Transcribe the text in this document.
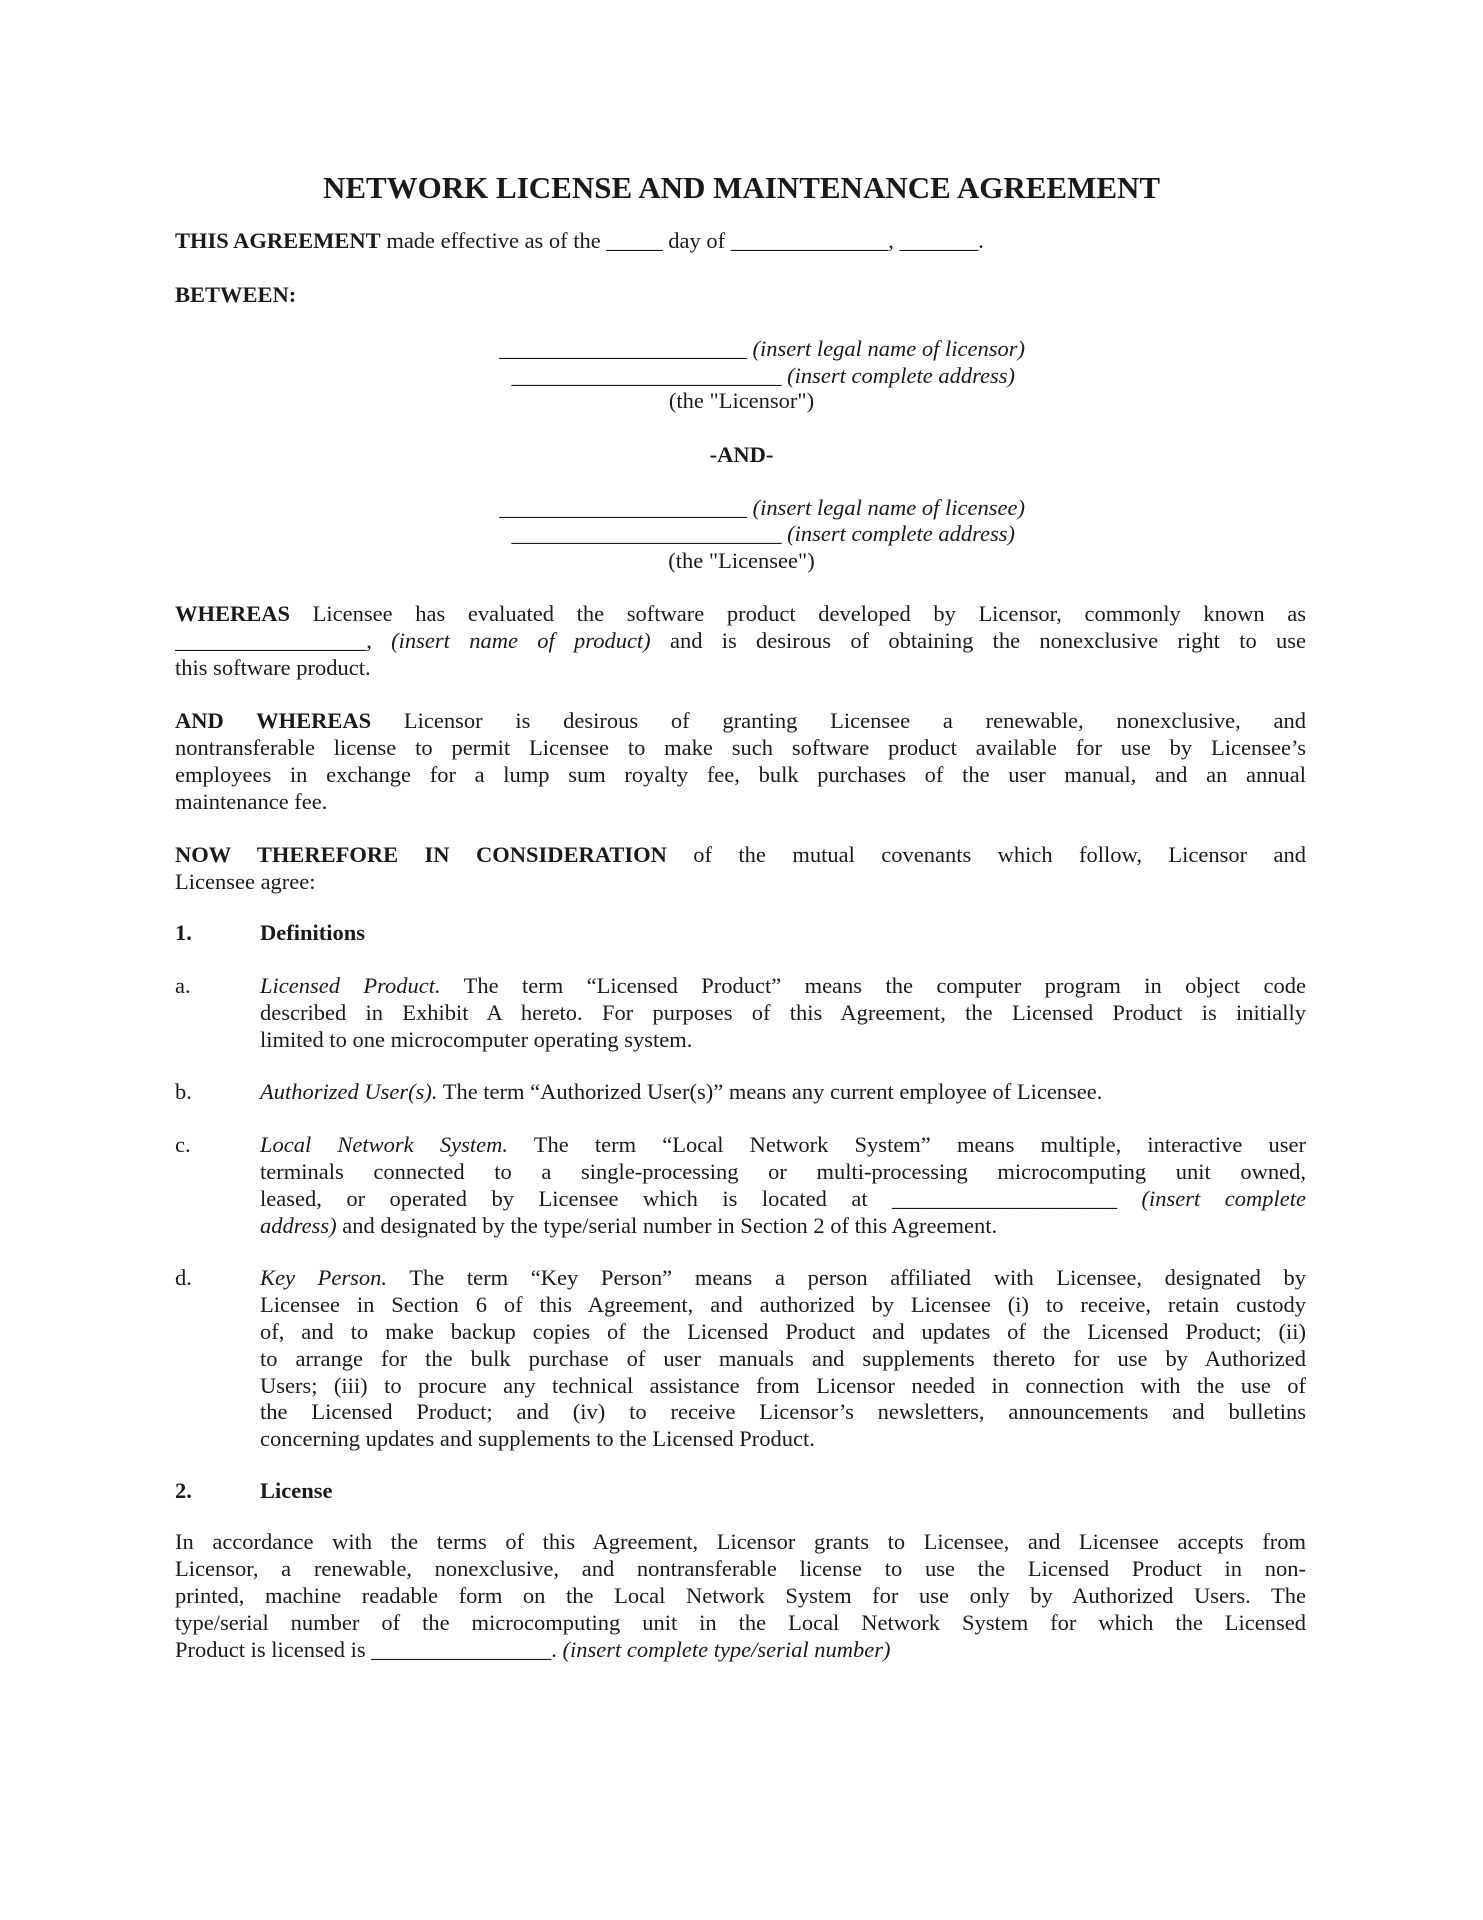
NETWORK LICENSE AND MAINTENANCE AGREEMENT
THIS AGREEMENT made effective as of the _____ day of ______________, _______.
BETWEEN:
______________________ (insert legal name of licensor)
________________________ (insert complete address)
(the "Licensor")
-AND-
______________________ (insert legal name of licensee)
________________________ (insert complete address)
(the "Licensee")
WHEREAS Licensee has evaluated the software product developed by Licensor, commonly known as
_________________, (insert name of product) and is desirous of obtaining the nonexclusive right to use
this software product.
AND WHEREAS Licensor is desirous of granting Licensee a renewable, nonexclusive, and
nontransferable license to permit Licensee to make such software product available for use by Licensee’s
employees in exchange for a lump sum royalty fee, bulk purchases of the user manual, and an annual
maintenance fee.
NOW THEREFORE IN CONSIDERATION of the mutual covenants which follow, Licensor and
Licensee agree:
1.	Definitions
a.	Licensed Product. The term “Licensed Product” means the computer program in object code
described in Exhibit A hereto. For purposes of this Agreement, the Licensed Product is initially
limited to one microcomputer operating system.
b.	Authorized User(s). The term “Authorized User(s)” means any current employee of Licensee.
c.	Local Network System. The term “Local Network System” means multiple, interactive user
terminals connected to a single-processing or multi-processing microcomputing unit owned,
leased, or operated by Licensee which is located at ____________________ (insert complete
address) and designated by the type/serial number in Section 2 of this Agreement.
d.	Key Person. The term “Key Person” means a person affiliated with Licensee, designated by
Licensee in Section 6 of this Agreement, and authorized by Licensee (i) to receive, retain custody
of, and to make backup copies of the Licensed Product and updates of the Licensed Product; (ii)
to arrange for the bulk purchase of user manuals and supplements thereto for use by Authorized
Users; (iii) to procure any technical assistance from Licensor needed in connection with the use of
the Licensed Product; and (iv) to receive Licensor’s newsletters, announcements and bulletins
concerning updates and supplements to the Licensed Product.
2.	License
In accordance with the terms of this Agreement, Licensor grants to Licensee, and Licensee accepts from
Licensor, a renewable, nonexclusive, and nontransferable license to use the Licensed Product in non-
printed, machine readable form on the Local Network System for use only by Authorized Users. The
type/serial number of the microcomputing unit in the Local Network System for which the Licensed
Product is licensed is ________________. (insert complete type/serial number)
